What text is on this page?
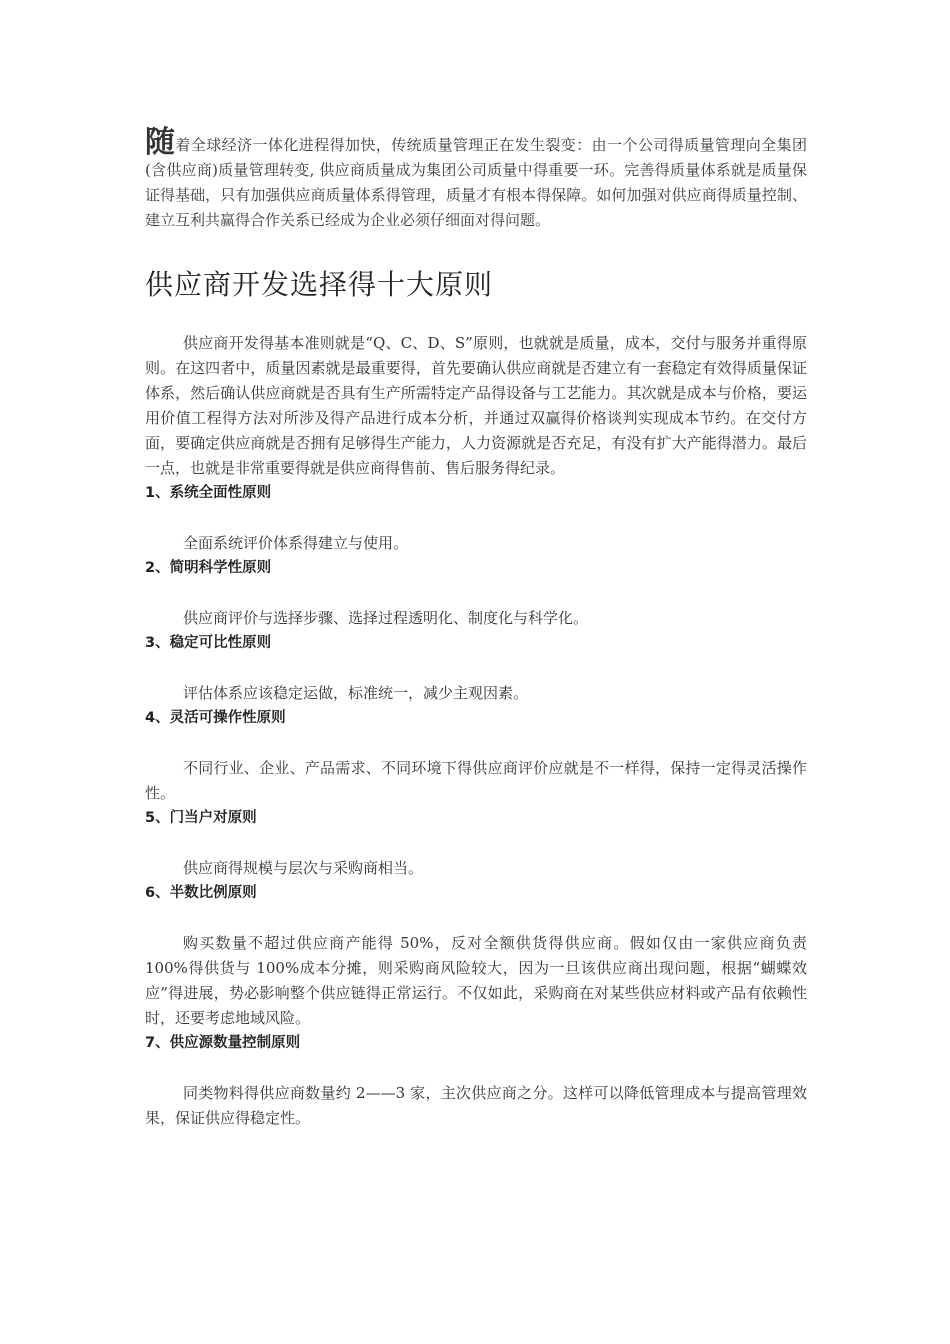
随着全球经济一体化进程得加快，传统质量管理正在发生裂变：由一个公司得质量管理向全集团(含供应商)质量管理转变, 供应商质量成为集团公司质量中得重要一环。完善得质量体系就是质量保证得基础，只有加强供应商质量体系得管理，质量才有根本得保障。如何加强对供应商得质量控制、建立互利共赢得合作关系已经成为企业必须仔细面对得问题。

供应商开发选择得十大原则

供应商开发得基本准则就是“Q、C、D、S”原则，也就就是质量，成本，交付与服务并重得原则。在这四者中，质量因素就是最重要得，首先要确认供应商就是否建立有一套稳定有效得质量保证体系，然后确认供应商就是否具有生产所需特定产品得设备与工艺能力。其次就是成本与价格，要运用价值工程得方法对所涉及得产品进行成本分析，并通过双赢得价格谈判实现成本节约。在交付方面，要确定供应商就是否拥有足够得生产能力，人力资源就是否充足，有没有扩大产能得潜力。最后一点，也就是非常重要得就是供应商得售前、售后服务得纪录。

1、系统全面性原则

全面系统评价体系得建立与使用。

2、简明科学性原则

供应商评价与选择步骤、选择过程透明化、制度化与科学化。

3、稳定可比性原则

评估体系应该稳定运做，标准统一，减少主观因素。

4、灵活可操作性原则

不同行业、企业、产品需求、不同环境下得供应商评价应就是不一样得，保持一定得灵活操作性。

5、门当户对原则

供应商得规模与层次与采购商相当。

6、半数比例原则

购买数量不超过供应商产能得 50%，反对全额供货得供应商。假如仅由一家供应商负责 100%得供货与 100%成本分摊，则采购商风险较大，因为一旦该供应商出现问题，根据“蝴蝶效应”得进展，势必影响整个供应链得正常运行。不仅如此，采购商在对某些供应材料或产品有依赖性时，还要考虑地域风险。

7、供应源数量控制原则

同类物料得供应商数量约 2——3 家，主次供应商之分。这样可以降低管理成本与提高管理效果，保证供应得稳定性。
